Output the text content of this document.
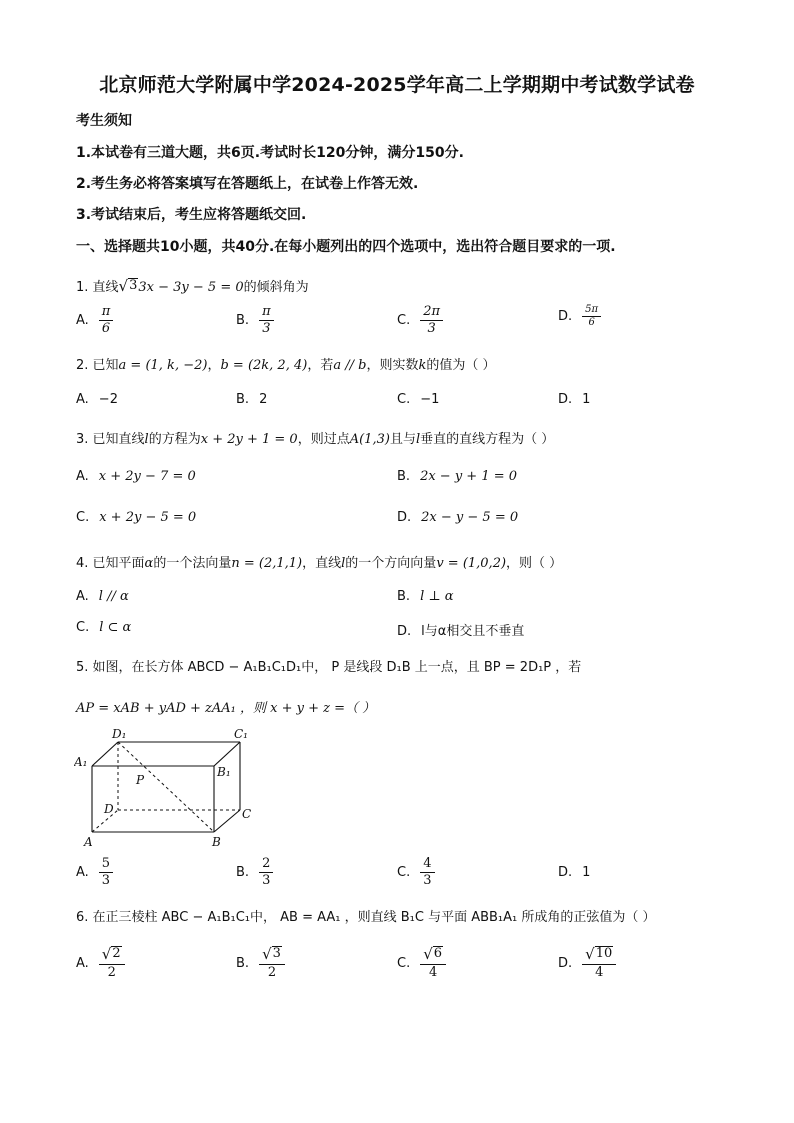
北京师范大学附属中学2024-2025学年高二上学期期中考试数学试卷
考生须知
1.本试卷有三道大题，共6页.考试时长120分钟，满分150分.
2.考生务必将答案填写在答题纸上，在试卷上作答无效.
3.考试结束后，考生应将答题纸交回.
一、选择题共10小题，共40分.在每小题列出的四个选项中，选出符合题目要求的一项.
1. 直线 √ 3 3x − 3y − 5 = 0的倾斜角为
A. $\frac{\pi}{6}$	B. $\frac{\pi}{3}$	C. $\frac{2\pi}{3}$	D. $\frac{5\pi}{6}$
2. 已知a = (1, k, −2)，b = (2k, 2, 4)，若a // b，则实数k的值为（ ）
A. −2	B. 2	C. −1	D. 1
3. 已知直线l的方程为x + 2y + 1 = 0，则过点A(1,3)且与l垂直的直线方程为（ ）
A. x + 2y − 7 = 0	B. 2x − y + 1 = 0
C. x + 2y − 5 = 0	D. 2x − y − 5 = 0
4. 已知平面α的一个法向量n = (2,1,1)，直线l的一个方向向量v = (1,0,2)，则（ ）
A. l // α	B. l ⊥ α
C. l ⊂ α	D. l与α相交且不垂直
5. 如图，在长方体 ABCD − A₁B₁C₁D₁中， P 是线段 D₁B 上一点，且 BP = 2D₁P ，若
AP = xAB + yAD + zAA₁ ，则 x + y + z =（ ）
D₁	C₁
A₁
B₁
P
D	C
A	B
A. $\frac{5}{3}$	B. $\frac{2}{3}$	C. $\frac{4}{3}$	D. 1
6. 在正三棱柱 ABC − A₁B₁C₁中， AB = AA₁ ，则直线 B₁C 与平面 ABB₁A₁ 所成角的正弦值为（ ）
A. $\frac{√ 2}{2}$	B. $\frac{√ 3}{2}$	C. $\frac{√ 6}{4}$	D. $\frac{√ 10}{4}$
